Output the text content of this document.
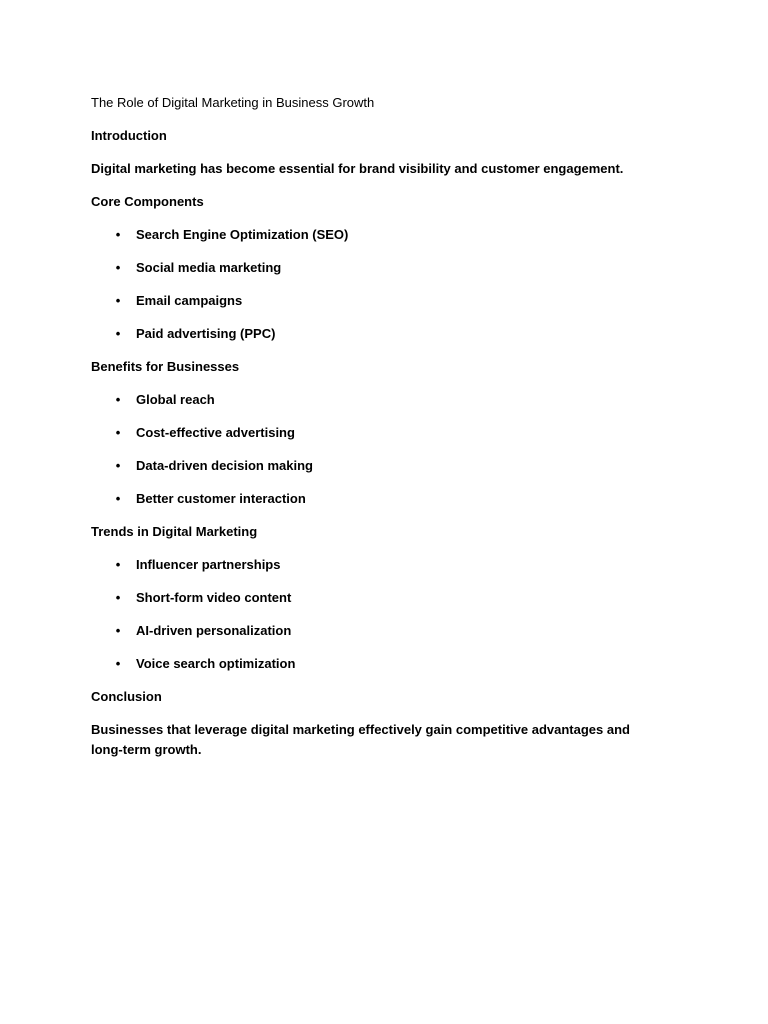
The Role of Digital Marketing in Business Growth

Introduction

Digital marketing has become essential for brand visibility and customer engagement.

Core Components

• Search Engine Optimization (SEO)
• Social media marketing
• Email campaigns
• Paid advertising (PPC)

Benefits for Businesses

• Global reach
• Cost-effective advertising
• Data-driven decision making
• Better customer interaction

Trends in Digital Marketing

• Influencer partnerships
• Short-form video content
• AI-driven personalization
• Voice search optimization

Conclusion

Businesses that leverage digital marketing effectively gain competitive advantages and long-term growth.
